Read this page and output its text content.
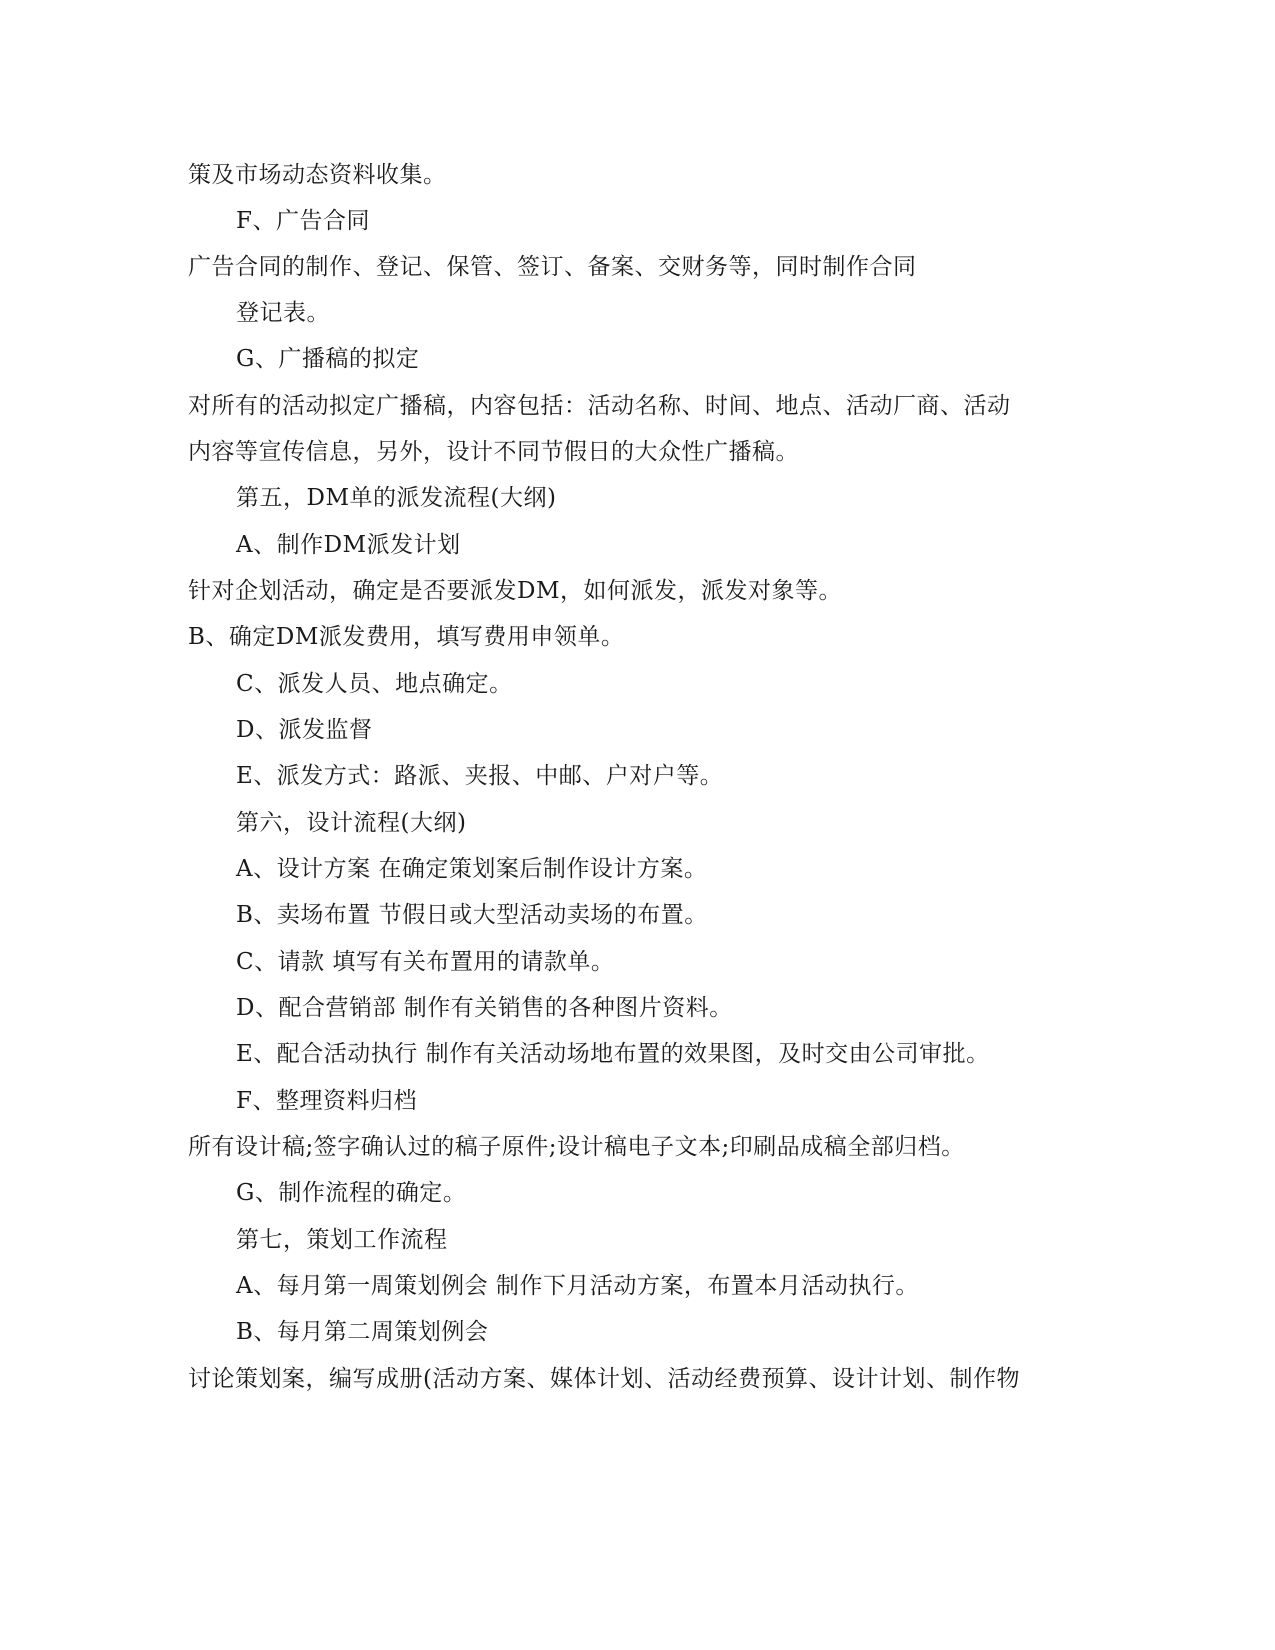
策及市场动态资料收集。
F、广告合同
广告合同的制作、登记、保管、签订、备案、交财务等，同时制作合同
登记表。
G、广播稿的拟定
对所有的活动拟定广播稿，内容包括：活动名称、时间、地点、活动厂商、活动
内容等宣传信息，另外，设计不同节假日的大众性广播稿。
第五，DM单的派发流程(大纲)
A、制作DM派发计划
针对企划活动，确定是否要派发DM，如何派发，派发对象等。
B、确定DM派发费用，填写费用申领单。
C、派发人员、地点确定。
D、派发监督
E、派发方式：路派、夹报、中邮、户对户等。
第六，设计流程(大纲)
A、设计方案 在确定策划案后制作设计方案。
B、卖场布置 节假日或大型活动卖场的布置。
C、请款 填写有关布置用的请款单。
D、配合营销部 制作有关销售的各种图片资料。
E、配合活动执行 制作有关活动场地布置的效果图，及时交由公司审批。
F、整理资料归档
所有设计稿;签字确认过的稿子原件;设计稿电子文本;印刷品成稿全部归档。
G、制作流程的确定。
第七，策划工作流程
A、每月第一周策划例会 制作下月活动方案，布置本月活动执行。
B、每月第二周策划例会
讨论策划案，编写成册(活动方案、媒体计划、活动经费预算、设计计划、制作物
